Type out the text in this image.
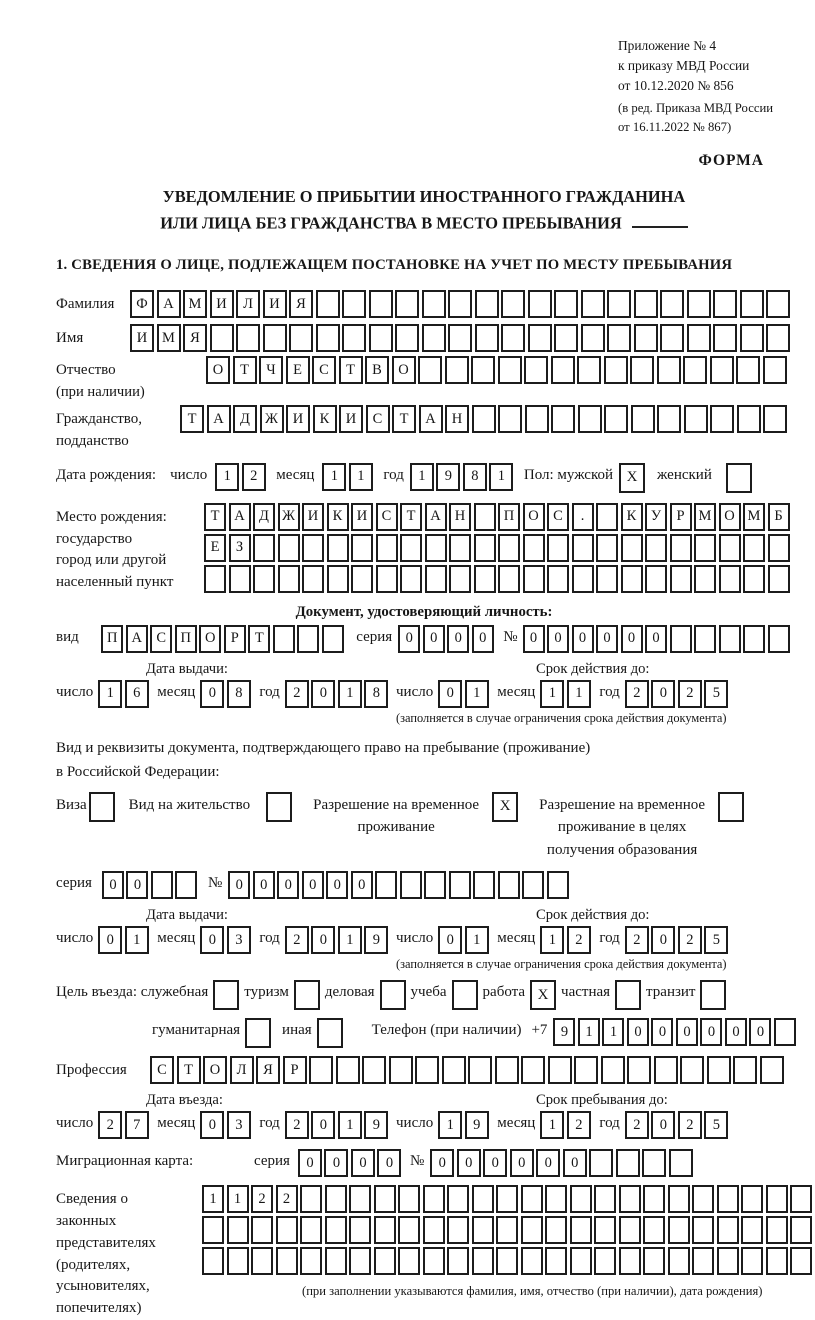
Приложение № 4
к приказу МВД России
от 10.12.2020 № 856
(в ред. Приказа МВД России
от 16.11.2022 № 867)
ФОРМА
УВЕДОМЛЕНИЕ О ПРИБЫТИИ ИНОСТРАННОГО ГРАЖДАНИНА
ИЛИ ЛИЦА БЕЗ ГРАЖДАНСТВА В МЕСТО ПРЕБЫВАНИЯ
1. СВЕДЕНИЯ О ЛИЦЕ, ПОДЛЕЖАЩЕМ ПОСТАНОВКЕ НА УЧЕТ ПО МЕСТУ ПРЕБЫВАНИЯ
Фамилия	Ф	А	М	И	Л	И	Я
Имя	И	М	Я
Отчество
(при наличии)
О	Т	Ч	Е	С	Т	В	О
Гражданство,
подданство
Т	А	Д	Ж	И	К	И	С	Т	А	Н
Дата рождения: число	1	2	месяц	1	1	год 1	9	8	1	Пол: мужской X	женский
Место рождения:
государство
город или другой
населенный пункт
Т	А Д Ж И К И С	Т	А Н	П О С	.	К	У	Р М О М Б
Е	З
Документ, удостоверяющий личность:
вид	П А С П О	Р	Т	серия 0	0	0	0	№ 0	0	0	0	0	0
Дата выдачи:
число 1	6	месяц 0	8	год 2	0	1	8
Срок действия до:
число 0	1	месяц 1	1	год 2	0	2	5
(заполняется в случае ограничения срока действия документа)
Вид и реквизиты документа, подтверждающего право на пребывание (проживание)
в Российской Федерации:
Виза	Вид на жительство	Разрешение на временное
проживание
X	Разрешение на временное
проживание в целях
получения образования
серия	0	0	№ 0	0	0	0	0	0
Дата выдачи:
число 0	1	месяц 0	3	год 2	0	1	9
Срок действия до:
число 0	1	месяц 1	2	год 2	0	2	5
(заполняется в случае ограничения срока действия документа)
Цель въезда: служебная туризм деловая учеба работа X частная транзит
гуманитарная	иная	Телефон (при наличии) +7 9	1	1	0	0	0	0	0	0
Профессия	С	Т	О	Л	Я	Р
Дата въезда:
число 2	7	месяц 0	3	год 2	0	1	9
Срок пребывания до:
число 1	9	месяц 1	2	год 2	0	2	5
Миграционная карта:	серия	0	0	0	0	№ 0	0	0	0	0	0
Сведения о
законных
представителях
(родителях,
усыновителях,
попечителях)
1	1	2	2
(при заполнении указываются фамилия, имя, отчество (при наличии), дата рождения)
